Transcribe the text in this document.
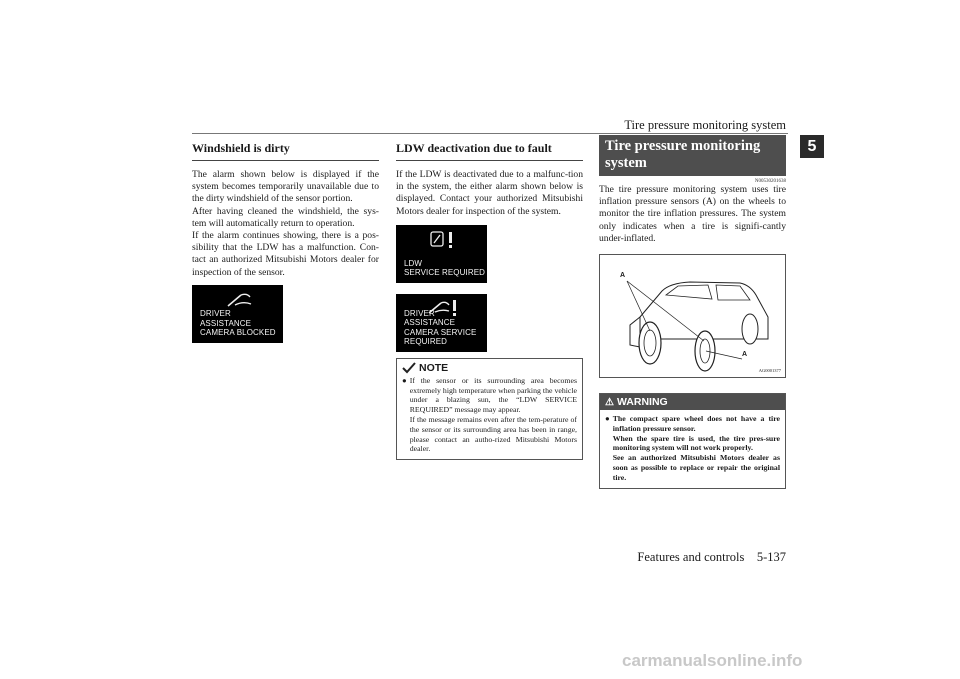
Tire pressure monitoring system
5
Windshield is dirty

The alarm shown below is displayed if the system becomes temporarily unavailable due to the dirty windshield of the sensor portion.

After having cleaned the windshield, the sys-tem will automatically return to operation.

If the alarm continues showing, there is a pos-sibility that the LDW has a malfunction. Con-tact an authorized Mitsubishi Motors dealer for inspection of the sensor.

DRIVER ASSISTANCE
CAMERA BLOCKED
LDW deactivation due to fault

If the LDW is deactivated due to a malfunc-tion in the system, the either alarm shown below is displayed. Contact your authorized Mitsubishi Motors dealer for inspection of the system.

LDW
SERVICE REQUIRED
DRIVER ASSISTANCE
CAMERA SERVICE
REQUIRED
NOTE
● If the sensor or its surrounding area becomes extremely high temperature when parking the vehicle under a blazing sun, the “LDW SERVICE REQUIRED” message may appear.
If the message remains even after the tem-perature of the sensor or its surrounding area has been in range, please contact an autho-rized Mitsubishi Motors dealer.
Tire pressure monitoring system
N00530201638

The tire pressure monitoring system uses tire inflation pressure sensors (A) on the wheels to monitor the tire inflation pressures. The system only indicates when a tire is signifi-cantly under-inflated.

A
A
AG0001377
⚠ WARNING
● The compact spare wheel does not have a tire inflation pressure sensor.
When the spare tire is used, the tire pres-sure monitoring system will not work properly.
See an authorized Mitsubishi Motors dealer as soon as possible to replace or repair the original tire.
Features and controls    5-137
carmanualsonline.info
